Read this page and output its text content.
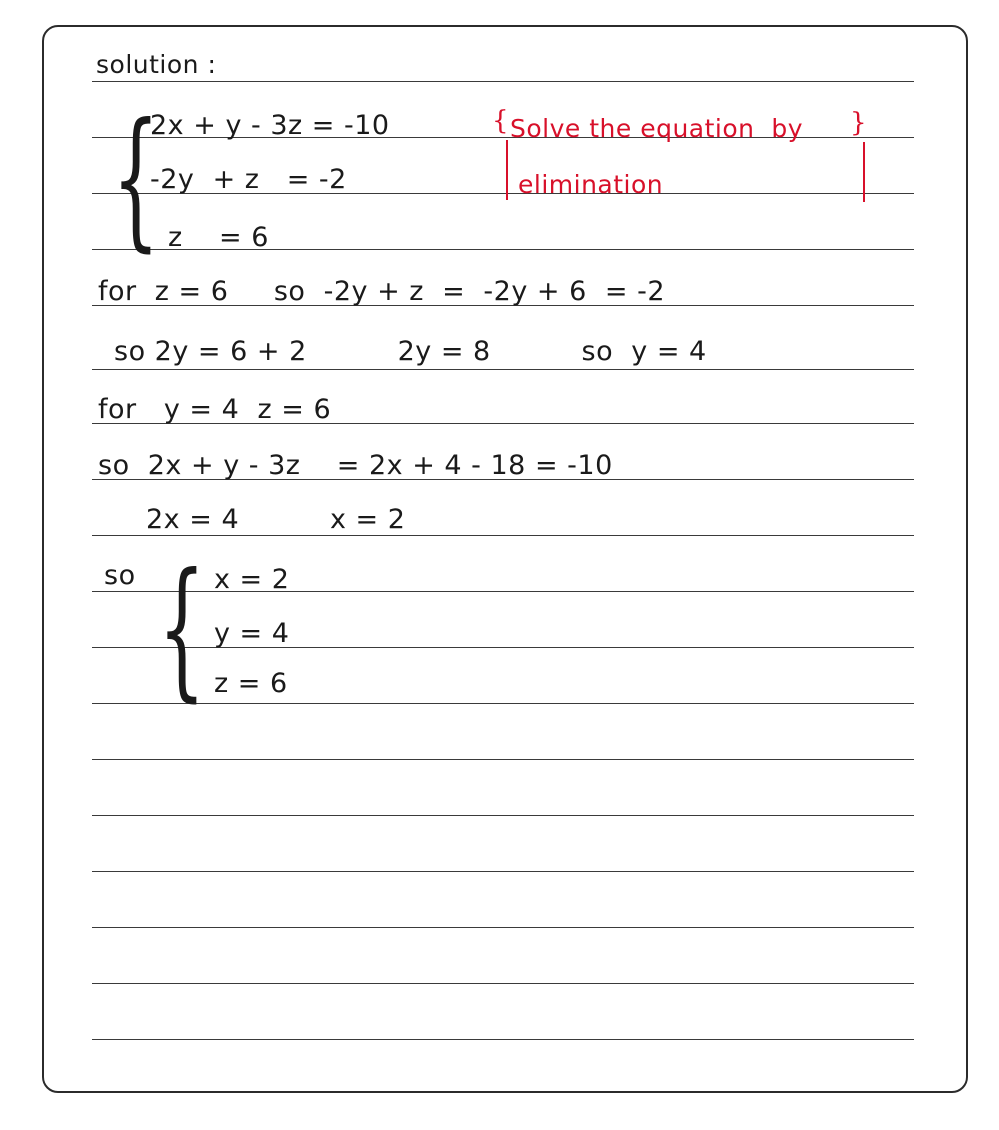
solution :
{
2x + y - 3z = -10
-2y  + z   = -2
z    = 6
{ Solve the equation  by
elimination
}
for  z = 6     so  -2y + z  =  -2y + 6  = -2
so 2y = 6 + 2          2y = 8          so  y = 4
for   y = 4  z = 6
so  2x + y - 3z    = 2x + 4 - 18 = -10
2x = 4          x = 2
so { x = 2
y = 4
z = 6
